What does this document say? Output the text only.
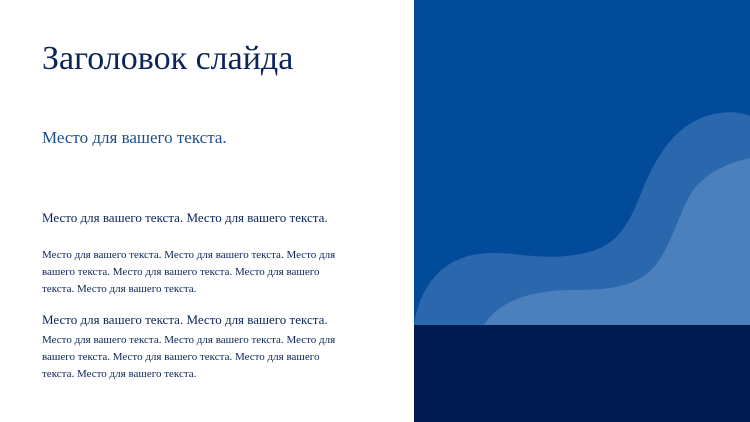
Заголовок слайда

Место для вашего текста.

Место для вашего текста. Место для вашего текста.

Место для вашего текста. Место для вашего текста. Место для вашего текста. Место для вашего текста. Место для вашего текста. Место для вашего текста.

Место для вашего текста. Место для вашего текста.

Место для вашего текста. Место для вашего текста. Место для вашего текста. Место для вашего текста. Место для вашего текста. Место для вашего текста.
